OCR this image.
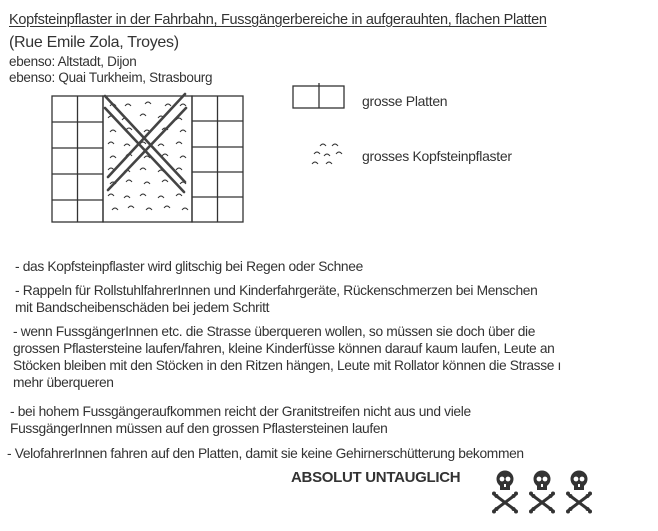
Kopfsteinpflaster in der Fahrbahn, Fussgängerbereiche in aufgerauhten, flachen Platten
(Rue Emile Zola, Troyes)
ebenso: Altstadt, Dijon
ebenso: Quai Turkheim, Strasbourg
grosse Platten
grosses Kopfsteinpflaster
- das Kopfsteinpflaster wird glitschig bei Regen oder Schnee
- Rappeln für RollstuhlfahrerInnen und Kinderfahrgeräte, Rückenschmerzen bei Menschen
mit Bandscheibenschäden bei jedem Schritt
- wenn FussgängerInnen etc. die Strasse überqueren wollen, so müssen sie doch über die
grossen Pflastersteine laufen/fahren, kleine Kinderfüsse können darauf kaum laufen, Leute an
Stöcken bleiben mit den Stöcken in den Ritzen hängen, Leute mit Rollator können die Strasse ı
mehr überqueren
- bei hohem Fussgängeraufkommen reicht der Granitstreifen nicht aus und viele
FussgängerInnen müssen auf den grossen Pflastersteinen laufen
- VelofahrerInnen fahren auf den Platten, damit sie keine Gehirnerschütterung bekommen
ABSOLUT UNTAUGLICH
